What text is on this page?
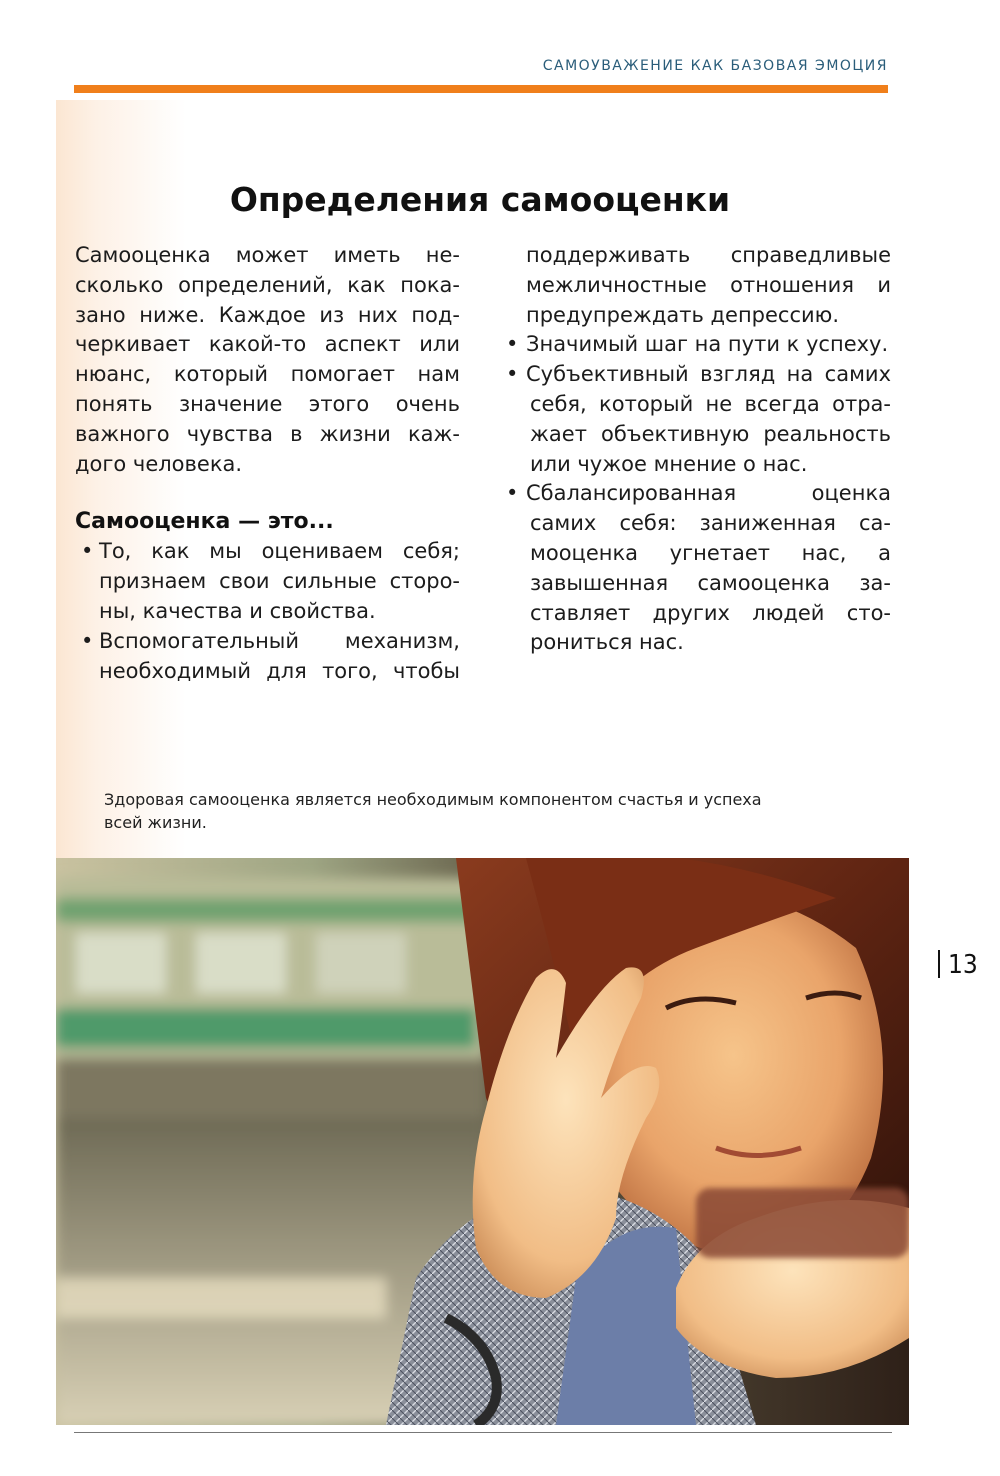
САМОУВАЖЕНИЕ КАК БАЗОВАЯ ЭМОЦИЯ
Определения самооценки

Самооценка может иметь несколько определений, как показано ниже. Каждое из них подчеркивает какой-то аспект или нюанс, который помогает нам понять значение этого очень важного чувства в жизни каждого человека.

Самооценка — это...
• То, как мы оцениваем себя; признаем свои сильные стороны, качества и свойства.
• Вспомогательный механизм, необходимый для того, чтобы
поддерживать справедливые межличностные отношения и предупреждать депрессию.
• Значимый шаг на пути к успеху.
• Субъективный взгляд на самих себя, который не всегда отражает объективную реальность или чужое мнение о нас.
• Сбалансированная оценка самих себя: заниженная самооценка угнетает нас, а завышенная самооценка заставляет других людей сторониться нас.
Здоровая самооценка является необходимым компонентом счастья и успеха всей жизни.
13
